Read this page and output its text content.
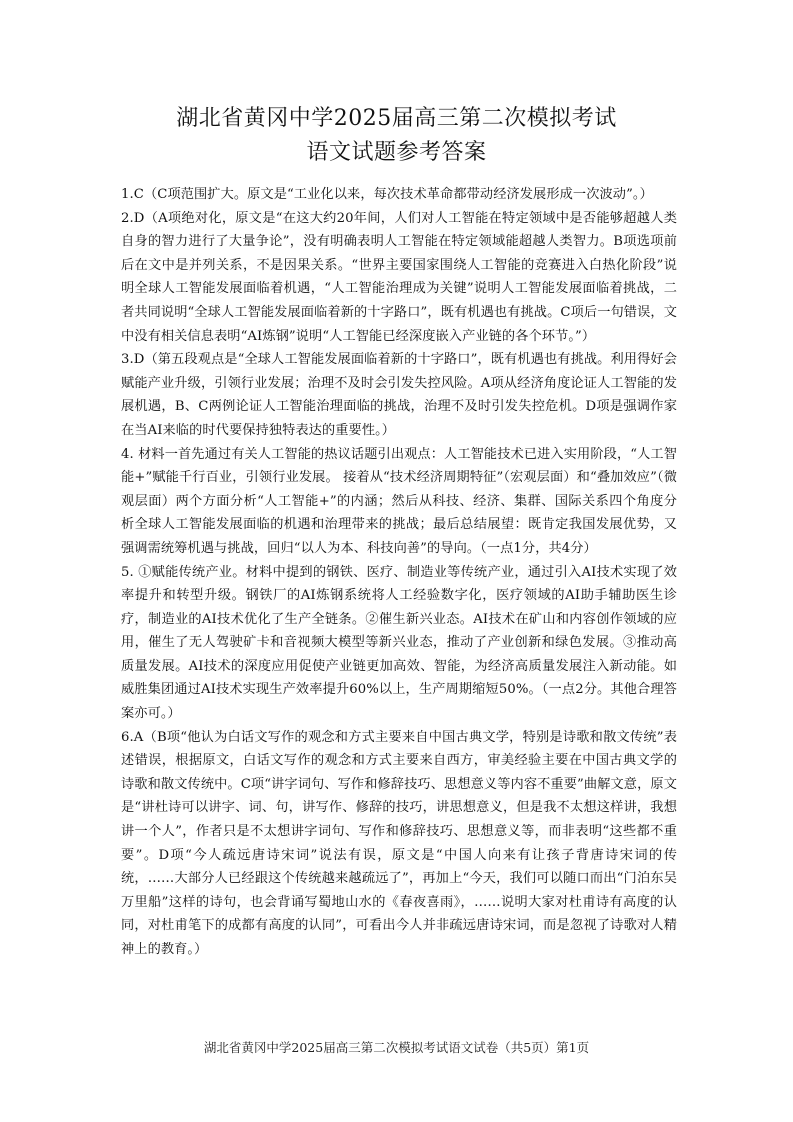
湖北省黄冈中学2025届高三第二次模拟考试
语文试题参考答案

1.C（C项范围扩大。原文是“工业化以来，每次技术革命都带动经济发展形成一次波动”。）

2.D（A项绝对化，原文是“在这大约20年间，人们对人工智能在特定领域中是否能够超越人类自身的智力进行了大量争论”，没有明确表明人工智能在特定领域能超越人类智力。B项选项前后在文中是并列关系，不是因果关系。“世界主要国家围绕人工智能的竞赛进入白热化阶段”说明全球人工智能发展面临着机遇，“人工智能治理成为关键”说明人工智能发展面临着挑战，二者共同说明“全球人工智能发展面临着新的十字路口”，既有机遇也有挑战。C项后一句错误，文中没有相关信息表明“AI炼钢”说明“人工智能已经深度嵌入产业链的各个环节。”）

3.D（第五段观点是“全球人工智能发展面临着新的十字路口”，既有机遇也有挑战。利用得好会赋能产业升级，引领行业发展；治理不及时会引发失控风险。A项从经济角度论证人工智能的发展机遇，B、C两例论证人工智能治理面临的挑战，治理不及时引发失控危机。D项是强调作家在当AI来临的时代要保持独特表达的重要性。）

4. 材料一首先通过有关人工智能的热议话题引出观点：人工智能技术已进入实用阶段，“人工智能+”赋能千行百业，引领行业发展。 接着从“技术经济周期特征”（宏观层面）和“叠加效应”（微观层面）两个方面分析“人工智能+”的内涵；然后从科技、经济、集群、国际关系四个角度分析全球人工智能发展面临的机遇和治理带来的挑战；最后总结展望：既肯定我国发展优势，又强调需统筹机遇与挑战，回归“以人为本、科技向善”的导向。（一点1分，共4分）

5. ①赋能传统产业。材料中提到的钢铁、医疗、制造业等传统产业，通过引入AI技术实现了效率提升和转型升级。钢铁厂的AI炼钢系统将人工经验数字化，医疗领域的AI助手辅助医生诊疗，制造业的AI技术优化了生产全链条。②催生新兴业态。AI技术在矿山和内容创作领域的应用，催生了无人驾驶矿卡和音视频大模型等新兴业态，推动了产业创新和绿色发展。③推动高质量发展。AI技术的深度应用促使产业链更加高效、智能，为经济高质量发展注入新动能。如威胜集团通过AI技术实现生产效率提升60%以上，生产周期缩短50%。（一点2分。其他合理答案亦可。）

6.A（B项“他认为白话文写作的观念和方式主要来自中国古典文学，特别是诗歌和散文传统”表述错误，根据原文，白话文写作的观念和方式主要来自西方，审美经验主要在中国古典文学的诗歌和散文传统中。C项“讲字词句、写作和修辞技巧、思想意义等内容不重要”曲解文意，原文是“讲杜诗可以讲字、词、句，讲写作、修辞的技巧，讲思想意义，但是我不太想这样讲，我想讲一个人”，作者只是不太想讲字词句、写作和修辞技巧、思想意义等，而非表明“这些都不重要”。D项“今人疏远唐诗宋词”说法有误，原文是“中国人向来有让孩子背唐诗宋词的传统，……大部分人已经跟这个传统越来越疏远了”，再加上“今天，我们可以随口而出“门泊东吴万里船”这样的诗句，也会背诵写蜀地山水的《春夜喜雨》，……说明大家对杜甫诗有高度的认同，对杜甫笔下的成都有高度的认同”，可看出今人并非疏远唐诗宋词，而是忽视了诗歌对人精神上的教育。）

湖北省黄冈中学2025届高三第二次模拟考试语文试卷（共5页）第1页
